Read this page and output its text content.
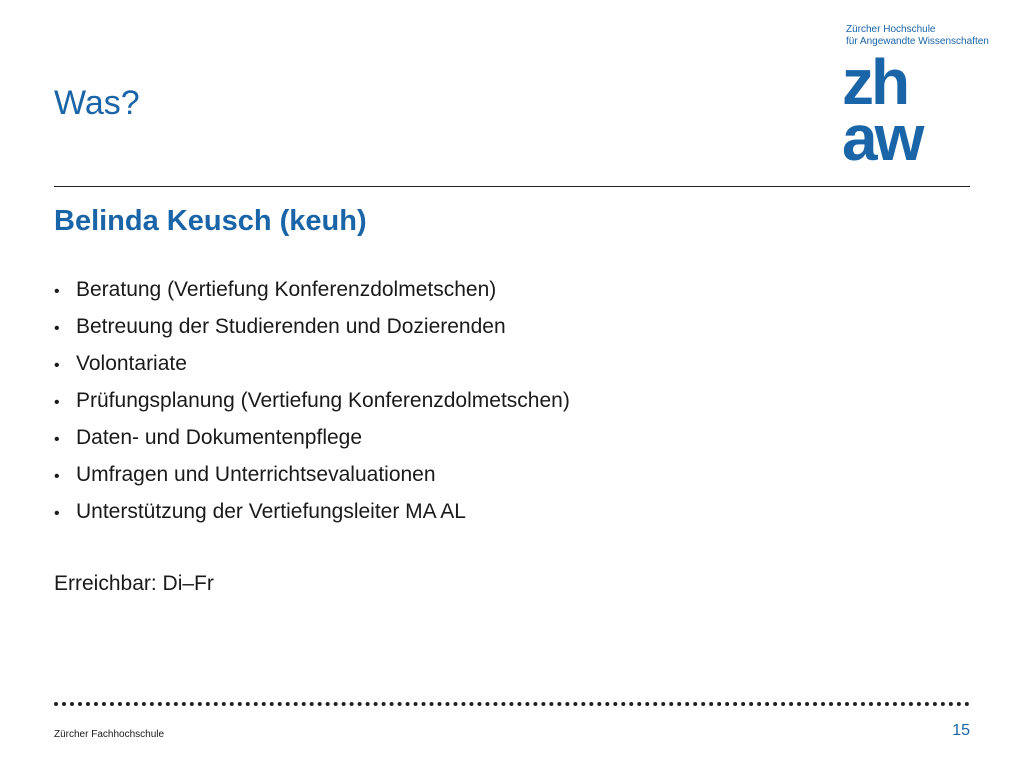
Zürcher Hochschule
für Angewandte Wissenschaften
zh
aw
Was?
Belinda Keusch (keuh)
• Beratung (Vertiefung Konferenzdolmetschen)
• Betreuung der Studierenden und Dozierenden
• Volontariate
• Prüfungsplanung (Vertiefung Konferenzdolmetschen)
• Daten- und Dokumentenpflege
• Umfragen und Unterrichtsevaluationen
• Unterstützung der Vertiefungsleiter MA AL
Erreichbar: Di–Fr
Zürcher Fachhochschule	15
